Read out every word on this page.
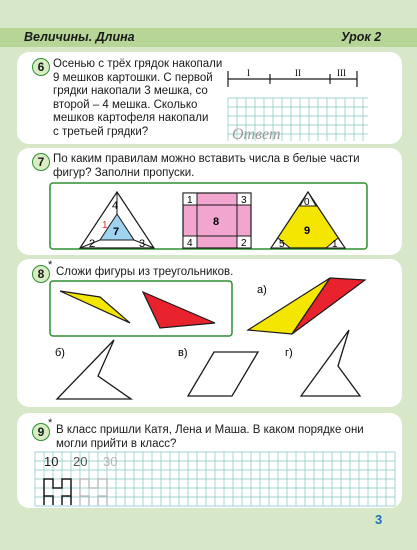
Величины. Длина	Урок 2
6 Осенью с трёх грядок накопали

9 мешков картошки. С первой

грядки накопали 3 мешка, со

второй – 4 мешка. Сколько

мешков картофеля накопали

с третьей грядки?

I	II	III
Ответ
4
1
7
2	3
1	3
8
4	2
0
9
5	1
а)
б)	в)	г)
10 20 30
7 По каким правилам можно вставить числа в белые части

фигур? Заполни пропуски.

8
*
Сложи фигуры из треугольников.
9
*

В класс пришли Катя, Лена и Маша. В каком порядке они

могли прийти в класс?

3
